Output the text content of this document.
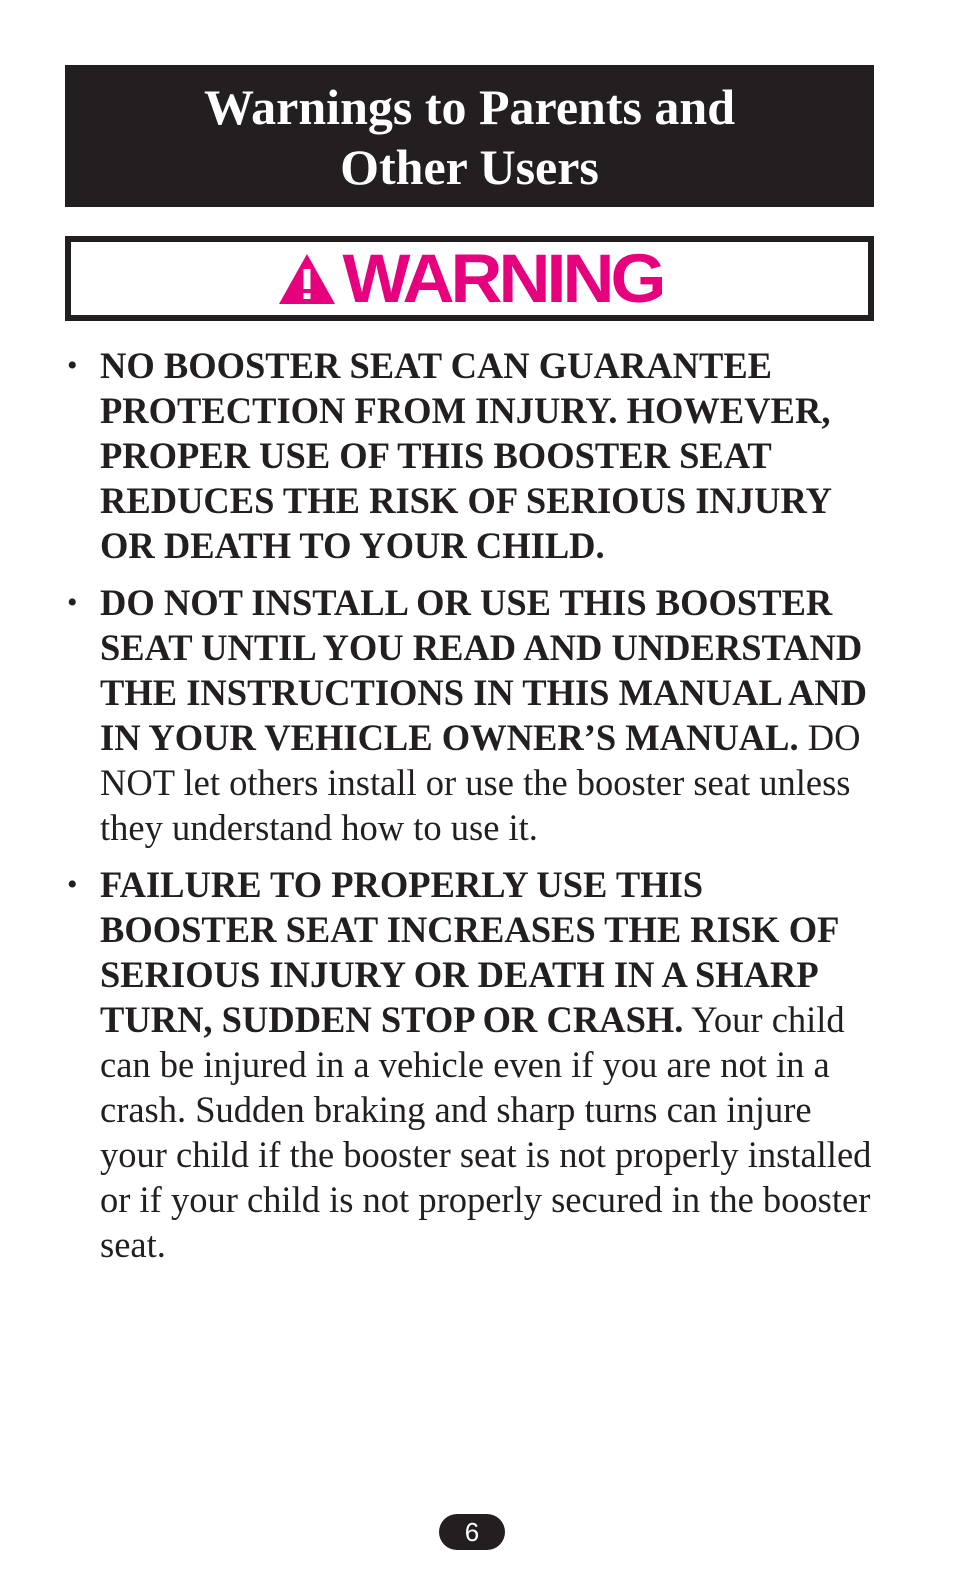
Warnings to Parents and
Other Users
WARNING
• NO BOOSTER SEAT CAN GUARANTEE PROTECTION FROM INJURY. HOWEVER, PROPER USE OF THIS BOOSTER SEAT REDUCES THE RISK OF SERIOUS INJURY OR DEATH TO YOUR CHILD.
• DO NOT INSTALL OR USE THIS BOOSTER SEAT UNTIL YOU READ AND UNDERSTAND THE INSTRUCTIONS IN THIS MANUAL AND IN YOUR VEHICLE OWNER’S MANUAL. DO NOT let others install or use the booster seat unless they understand how to use it.
• FAILURE TO PROPERLY USE THIS BOOSTER SEAT INCREASES THE RISK OF SERIOUS INJURY OR DEATH IN A SHARP TURN, SUDDEN STOP OR CRASH. Your child can be injured in a vehicle even if you are not in a crash. Sudden braking and sharp turns can injure your child if the booster seat is not properly installed or if your child is not properly secured in the booster seat.
6
